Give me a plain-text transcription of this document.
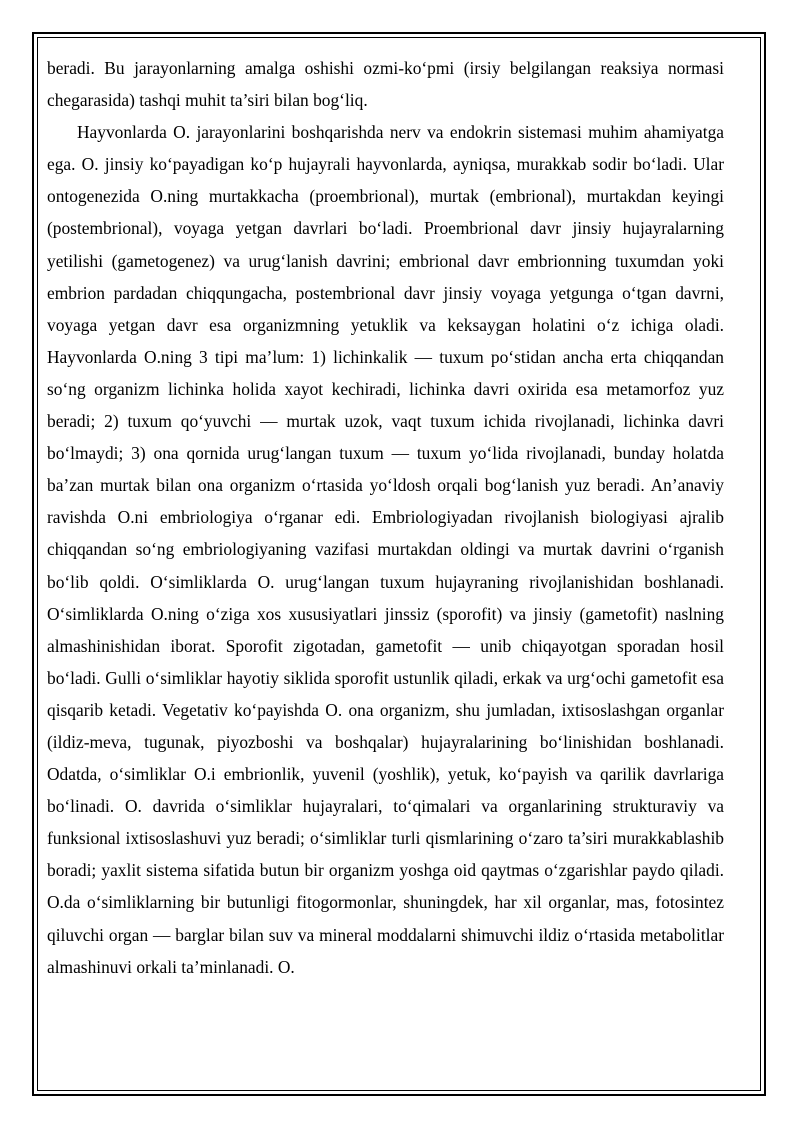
beradi. Bu jarayonlarning amalga oshishi ozmi-ko‘pmi (irsiy belgilangan reaksiya normasi chegarasida) tashqi muhit ta’siri bilan bog‘liq.

Hayvonlarda O. jarayonlarini boshqarishda nerv va endokrin sistemasi muhim ahamiyatga ega. O. jinsiy ko‘payadigan ko‘p hujayrali hayvonlarda, ayniqsa, murakkab sodir bo‘ladi. Ular ontogenezida O.ning murtakkacha (proembrional), murtak (embrional), murtakdan keyingi (postembrional), voyaga yetgan davrlari bo‘ladi. Proembrional davr jinsiy hujayralarning yetilishi (gametogenez) va urug‘lanish davrini; embrional davr embrionning tuxumdan yoki embrion pardadan chiqqungacha, postembrional davr jinsiy voyaga yetgunga o‘tgan davrni, voyaga yetgan davr esa organizmning yetuklik va keksaygan holatini o‘z ichiga oladi. Hayvonlarda O.ning 3 tipi ma’lum: 1) lichinkalik — tuxum po‘stidan ancha erta chiqqandan so‘ng organizm lichinka holida xayot kechiradi, lichinka davri oxirida esa metamorfoz yuz beradi; 2) tuxum qo‘yuvchi — murtak uzok, vaqt tuxum ichida rivojlanadi, lichinka davri bo‘lmaydi; 3) ona qornida urug‘langan tuxum — tuxum yo‘lida rivojlanadi, bunday holatda ba’zan murtak bilan ona organizm o‘rtasida yo‘ldosh orqali bog‘lanish yuz beradi. An’anaviy ravishda O.ni embriologiya o‘rganar edi. Embriologiyadan rivojlanish biologiyasi ajralib chiqqandan so‘ng embriologiyaning vazifasi murtakdan oldingi va murtak davrini o‘rganish bo‘lib qoldi. O‘simliklarda O. urug‘langan tuxum hujayraning rivojlanishidan boshlanadi. O‘simliklarda O.ning o‘ziga xos xususiyatlari jinssiz (sporofit) va jinsiy (gametofit) naslning almashinishidan iborat. Sporofit zigotadan, gametofit — unib chiqayotgan sporadan hosil bo‘ladi. Gulli o‘simliklar hayotiy siklida sporofit ustunlik qiladi, erkak va urg‘ochi gametofit esa qisqarib ketadi. Vegetativ ko‘payishda O. ona organizm, shu jumladan, ixtisoslashgan organlar (ildiz-meva, tugunak, piyozboshi va boshqalar) hujayralarining bo‘linishidan boshlanadi. Odatda, o‘simliklar O.i embrionlik, yuvenil (yoshlik), yetuk, ko‘payish va qarilik davrlariga bo‘linadi. O. davrida o‘simliklar hujayralari, to‘qimalari va organlarining strukturaviy va funksional ixtisoslashuvi yuz beradi; o‘simliklar turli qismlarining o‘zaro ta’siri murakkablashib boradi; yaxlit sistema sifatida butun bir organizm yoshga oid qaytmas o‘zgarishlar paydo qiladi. O.da o‘simliklarning bir butunligi fitogormonlar, shuningdek, har xil organlar, mas, fotosintez qiluvchi organ — barglar bilan suv va mineral moddalarni shimuvchi ildiz o‘rtasida metabolitlar almashinuvi orkali ta’minlanadi. O.
